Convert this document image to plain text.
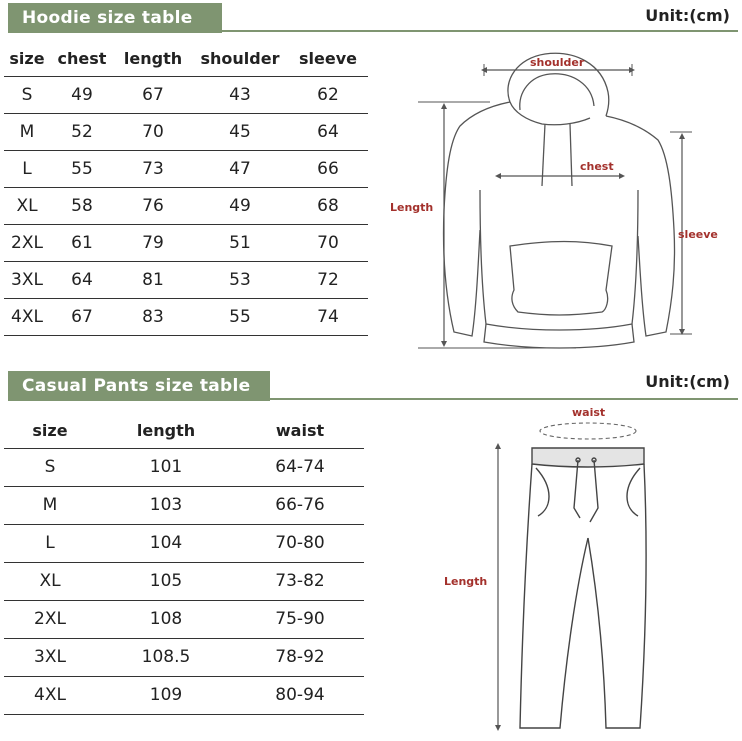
Hoodie size table	Unit:(cm)
size	chest	length	shoulder	sleeve
S	49	67	43	62
M	52	70	45	64
L	55	73	47	66
XL	58	76	49	68
2XL	61	79	51	70
3XL	64	81	53	72
4XL	67	83	55	74
shoulder
chest
Length
sleeve
Casual Pants size table	Unit:(cm)
size	length	waist
S	101	64-74
M	103	66-76
L	104	70-80
XL	105	73-82
2XL	108	75-90
3XL	108.5	78-92
4XL	109	80-94
waist
Length
